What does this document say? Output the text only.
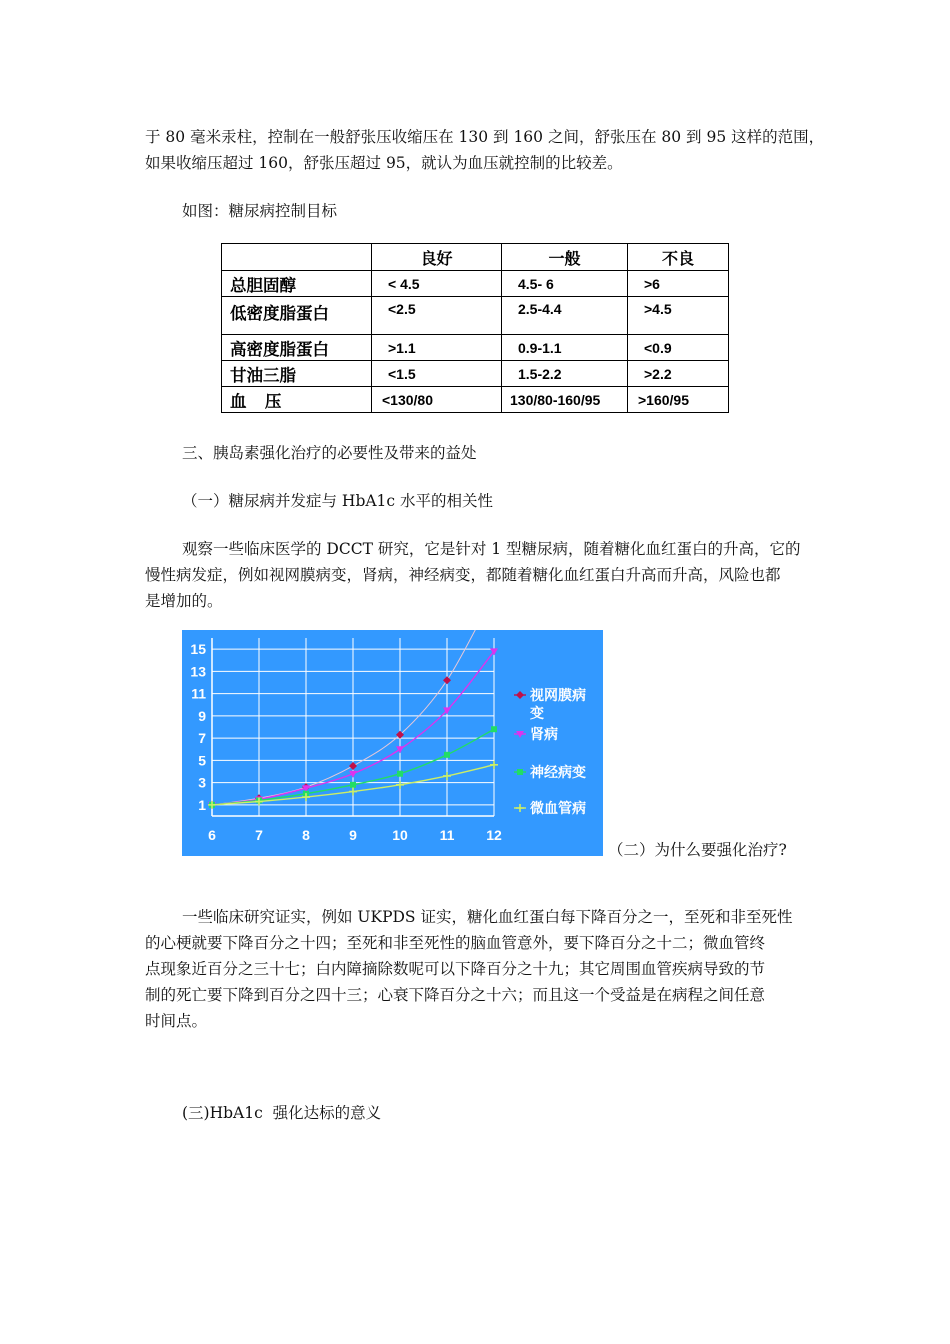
于 80 毫米汞柱，控制在一般舒张压收缩压在 130 到 160 之间，舒张压在 80 到 95 这样的范围，
如果收缩压超过 160，舒张压超过 95，就认为血压就控制的比较差。
如图：糖尿病控制目标
	良好	一般	不良
总胆固醇	< 4.5	4.5- 6	>6
低密度脂蛋白	<2.5	2.5-4.4	>4.5
高密度脂蛋白	>1.1	0.9-1.1	<0.9
甘油三脂	<1.5	1.5-2.2	>2.2
血    压	<130/80	130/80-160/95	>160/95
三、胰岛素强化治疗的必要性及带来的益处
（一）糖尿病并发症与 HbA1c 水平的相关性
观察一些临床医学的 DCCT 研究，它是针对 1 型糖尿病，随着糖化血红蛋白的升高，它的
慢性病发症，例如视网膜病变，肾病，神经病变，都随着糖化血红蛋白升高而升高，风险也都
是增加的。
1
3
5
7
9
11
13
15
6	7	8	9	10 11 12
视网膜病
变
肾病
神经病变
微血管病
（二）为什么要强化治疗?
一些临床研究证实，例如 UKPDS 证实，糖化血红蛋白每下降百分之一，至死和非至死性
的心梗就要下降百分之十四；至死和非至死性的脑血管意外，要下降百分之十二；微血管终
点现象近百分之三十七；白内障摘除数呢可以下降百分之十九；其它周围血管疾病导致的节
制的死亡要下降到百分之四十三；心衰下降百分之十六；而且这一个受益是在病程之间任意
时间点。
(三)HbA1c  强化达标的意义
